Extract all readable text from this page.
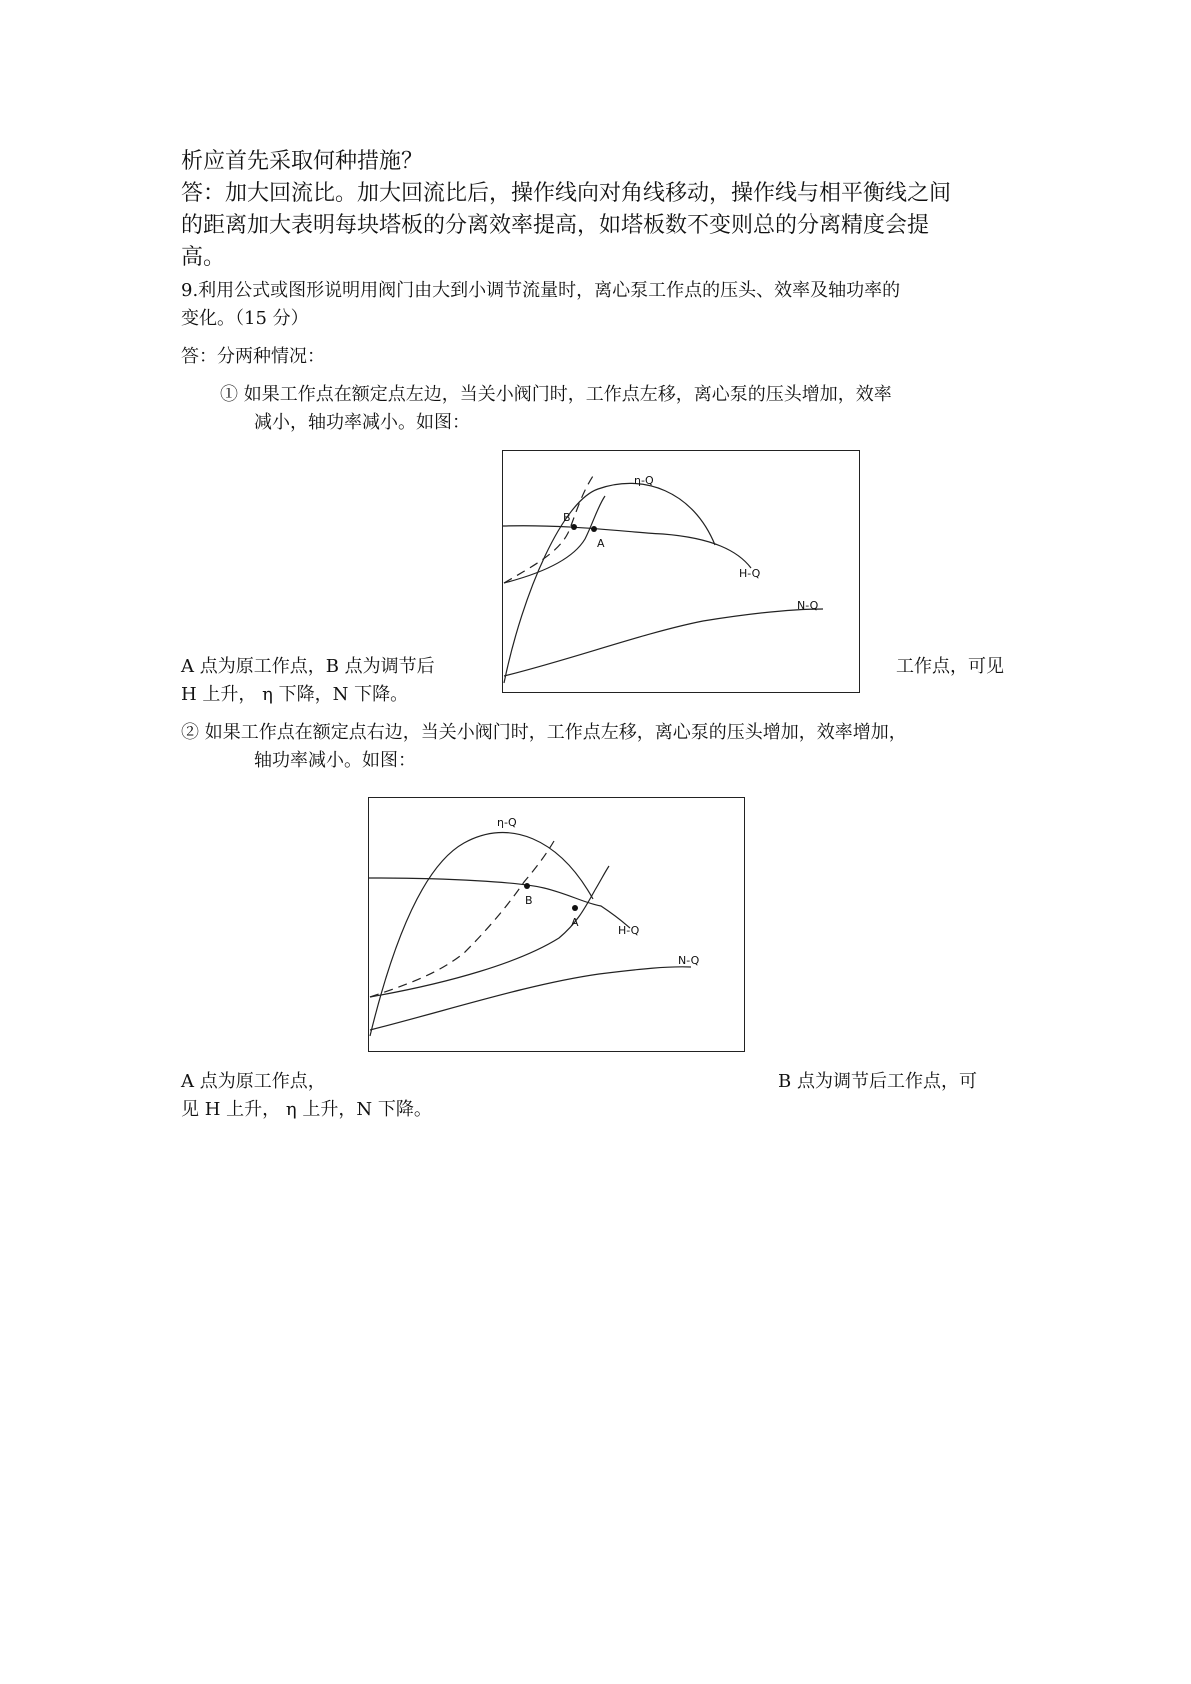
析应首先采取何种措施？

答：加大回流比。加大回流比后，操作线向对角线移动，操作线与相平衡线之间

的距离加大表明每块塔板的分离效率提高，如塔板数不变则总的分离精度会提

高。

9.利用公式或图形说明用阀门由大到小调节流量时，离心泵工作点的压头、效率及轴功率的

变化。（15 分）

答：分两种情况：

① 如果工作点在额定点左边，当关小阀门时，工作点左移，离心泵的压头增加，效率

减小，轴功率减小。如图：

B
A
η-Q
H-Q
N-Q

A 点为原工作点，B 点为调节后	工作点，可见

H 上升， η 下降，N 下降。

② 如果工作点在额定点右边，当关小阀门时，工作点左移，离心泵的压头增加，效率增加，

轴功率减小。如图：

B
A
η-Q
H-Q
N-Q

A 点为原工作点，	B 点为调节后工作点，可

见 H 上升， η 上升，N 下降。
